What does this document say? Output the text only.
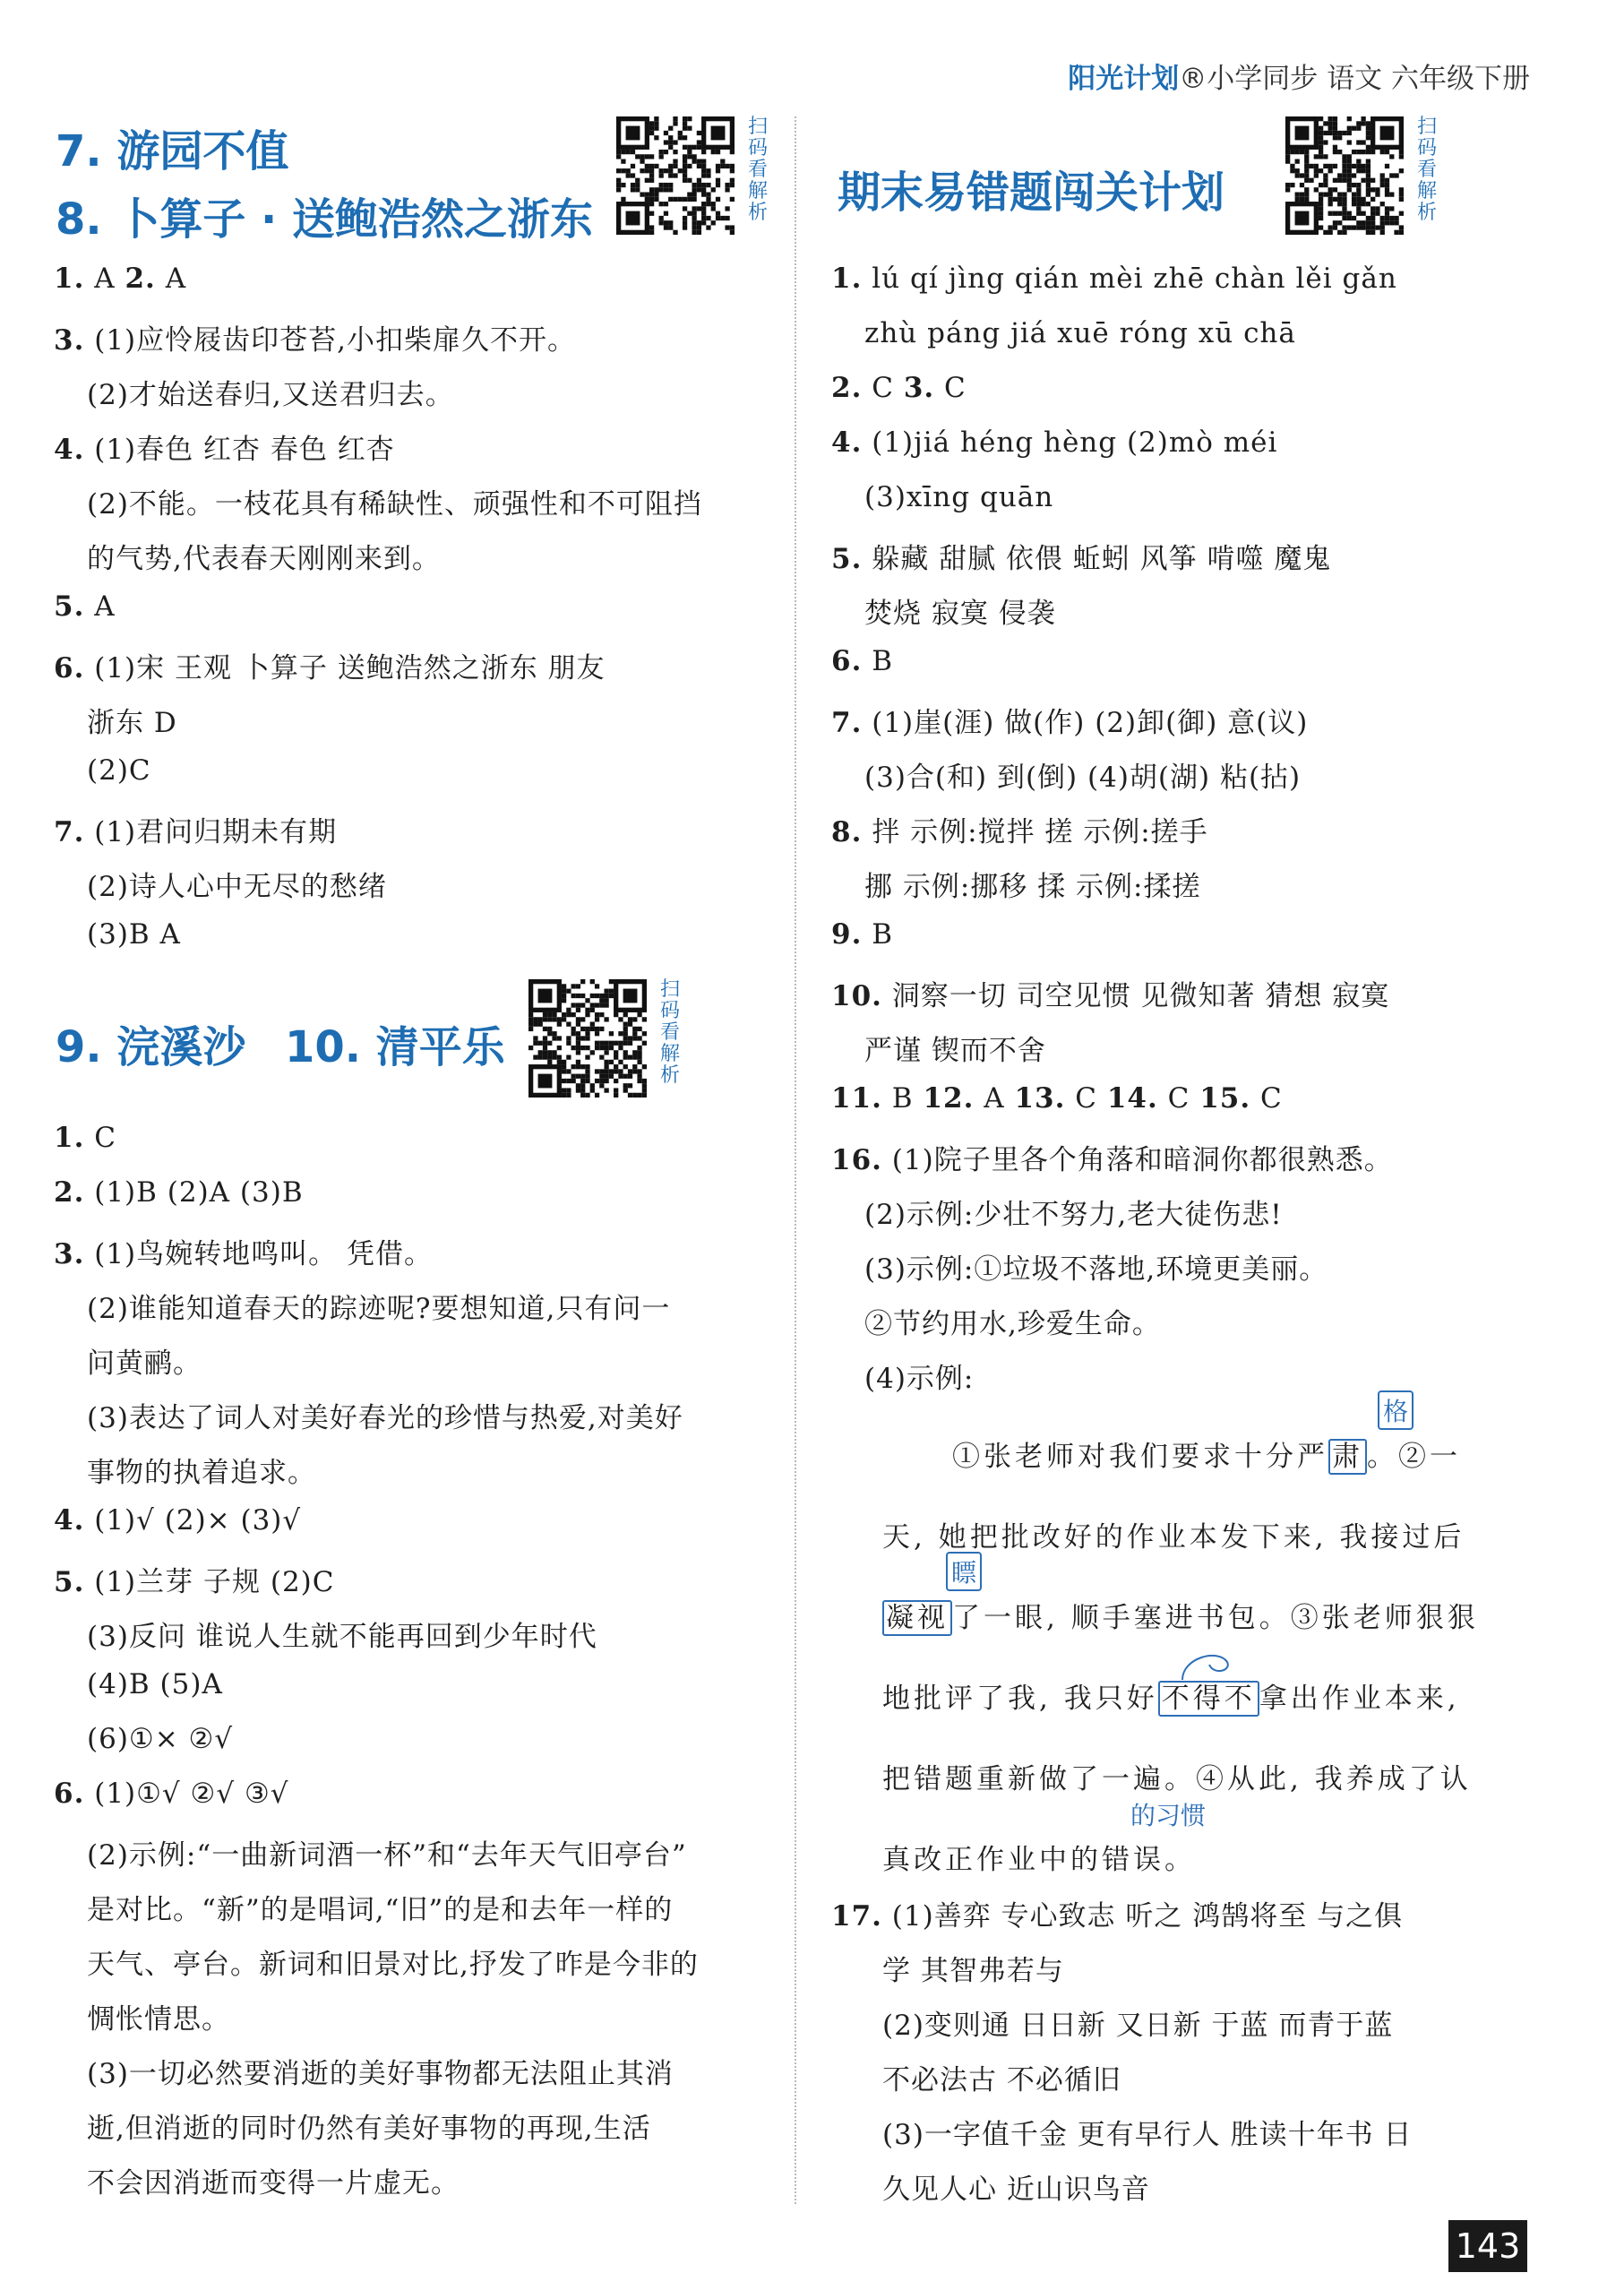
阳光计划®小学同步 语文 六年级下册
7. 游园不值
8. 卜算子 · 送鲍浩然之浙东
扫码看解析
1. A 2. A
3. (1)应怜屐齿印苍苔,小扣柴扉久不开。
(2)才始送春归,又送君归去。
4. (1)春色 红杏 春色 红杏
(2)不能。一枝花具有稀缺性、顽强性和不可阻挡
的气势,代表春天刚刚来到。
5. A
6. (1)宋 王观 卜算子 送鲍浩然之浙东 朋友
浙东 D
(2)C
7. (1)君问归期未有期
(2)诗人心中无尽的愁绪
(3)B A
9. 浣溪沙 10. 清平乐
扫码看解析
1. C
2. (1)B (2)A (3)B
3. (1)鸟婉转地鸣叫。 凭借。
(2)谁能知道春天的踪迹呢?要想知道,只有问一
问黄鹂。
(3)表达了词人对美好春光的珍惜与热爱,对美好
事物的执着追求。
4. (1)√ (2)× (3)√
5. (1)兰芽 子规 (2)C
(3)反问 谁说人生就不能再回到少年时代
(4)B (5)A
(6)①× ②√
6. (1)①√ ②√ ③√
(2)示例:“一曲新词酒一杯”和“去年天气旧亭台”
是对比。“新”的是唱词,“旧”的是和去年一样的
天气、亭台。新词和旧景对比,抒发了昨是今非的
惆怅情思。
(3)一切必然要消逝的美好事物都无法阻止其消
逝,但消逝的同时仍然有美好事物的再现,生活
不会因消逝而变得一片虚无。
期末易错题闯关计划
扫码看解析
1. lú qí jìng qián mèi zhē chàn lěi gǎn
zhù páng jiá xuē róng xū chā
2. C 3. C
4. (1)jiá héng hèng (2)mò méi
(3)xīng quān
5. 躲藏 甜腻 依偎 蚯蚓 风筝 啃噬 魔鬼
焚烧 寂寞 侵袭
6. B
7. (1)崖(涯) 做(作) (2)卸(御) 意(议)
(3)合(和) 到(倒) (4)胡(湖) 粘(拈)
8. 拌 示例:搅拌 搓 示例:搓手
挪 示例:挪移 揉 示例:揉搓
9. B
10. 洞察一切 司空见惯 见微知著 猜想 寂寞
严谨 锲而不舍
11. B 12. A 13. C 14. C 15. C
16. (1)院子里各个角落和暗洞你都很熟悉。
(2)示例:少壮不努力,老大徒伤悲!
(3)示例:①垃圾不落地,环境更美丽。
②节约用水,珍爱生命。
(4)示例:
格
①张老师对我们要求十分严 肃 。②一
天, 她把批改好的作业本发下来, 我接过后
瞟
凝视 了一眼, 顺手塞进书包。③张老师狠狠
地批评了我, 我只好 不得不 拿出作业本来,
把错题重新做了一遍。④从此, 我养成了认
的习惯
真改正作业中的错误。
17. (1)善弈 专心致志 听之 鸿鹄将至 与之俱
学 其智弗若与
(2)变则通 日日新 又日新 于蓝 而青于蓝
不必法古 不必循旧
(3)一字值千金 更有早行人 胜读十年书 日
久见人心 近山识鸟音
143
